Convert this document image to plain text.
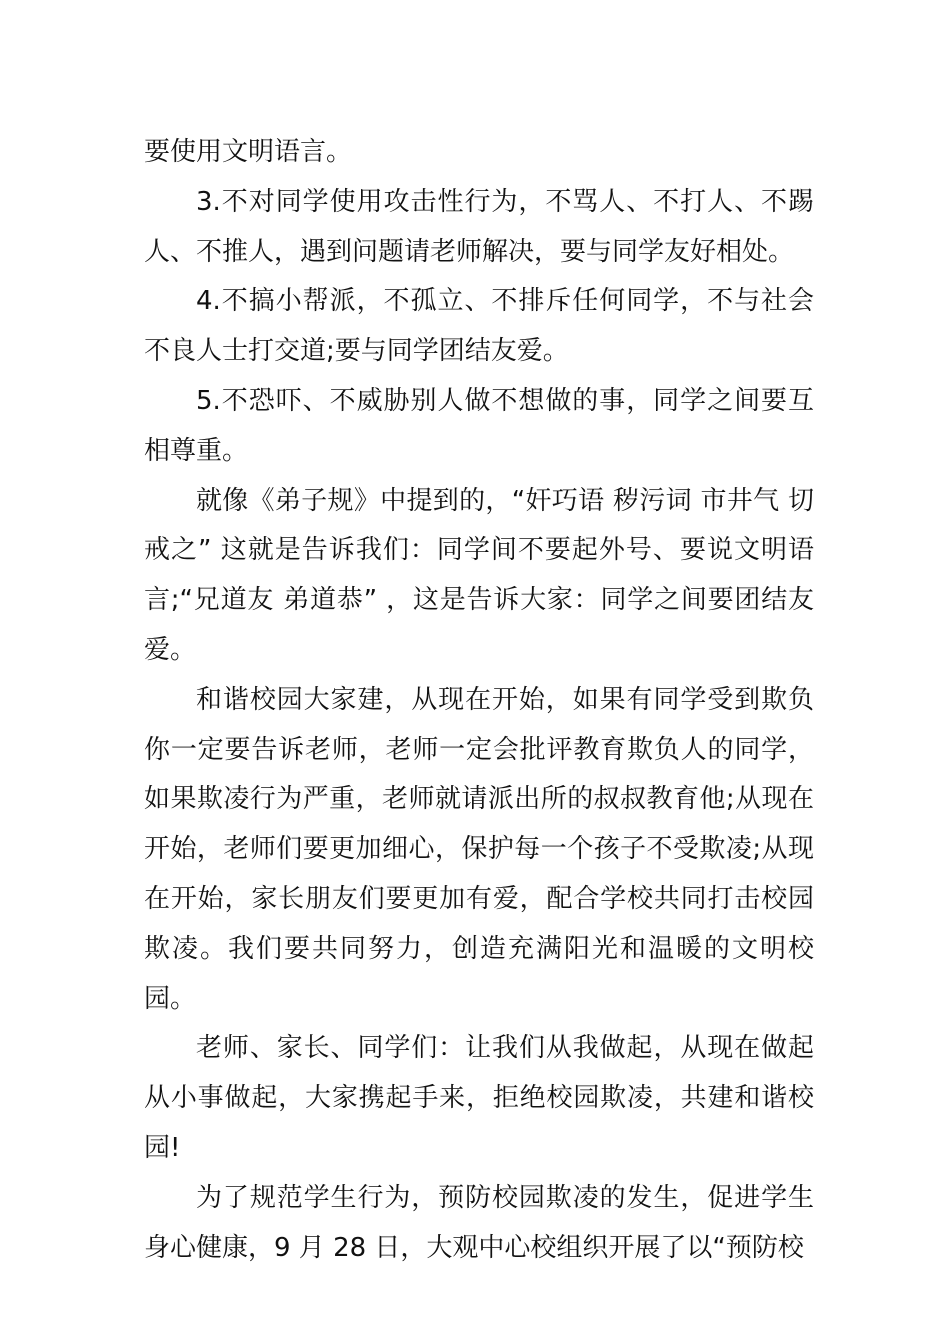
要使用文明语言。

3.不对同学使用攻击性行为，不骂人、不打人、不踢人、不推人，遇到问题请老师解决，要与同学友好相处。

4.不搞小帮派，不孤立、不排斥任何同学，不与社会不良人士打交道;要与同学团结友爱。

5.不恐吓、不威胁别人做不想做的事，同学之间要互相尊重。

就像《弟子规》中提到的，“奸巧语 秽污词 市井气 切戒之” 这就是告诉我们：同学间不要起外号、要说文明语言;“兄道友 弟道恭” ，这是告诉大家：同学之间要团结友爱。

和谐校园大家建，从现在开始，如果有同学受到欺负你一定要告诉老师，老师一定会批评教育欺负人的同学，如果欺凌行为严重，老师就请派出所的叔叔教育他;从现在开始，老师们要更加细心，保护每一个孩子不受欺凌;从现在开始，家长朋友们要更加有爱，配合学校共同打击校园欺凌。我们要共同努力，创造充满阳光和温暖的文明校园。

老师、家长、同学们：让我们从我做起，从现在做起从小事做起，大家携起手来，拒绝校园欺凌，共建和谐校园!

为了规范学生行为，预防校园欺凌的发生，促进学生身心健康，9 月 28 日，大观中心校组织开展了以“预防校
